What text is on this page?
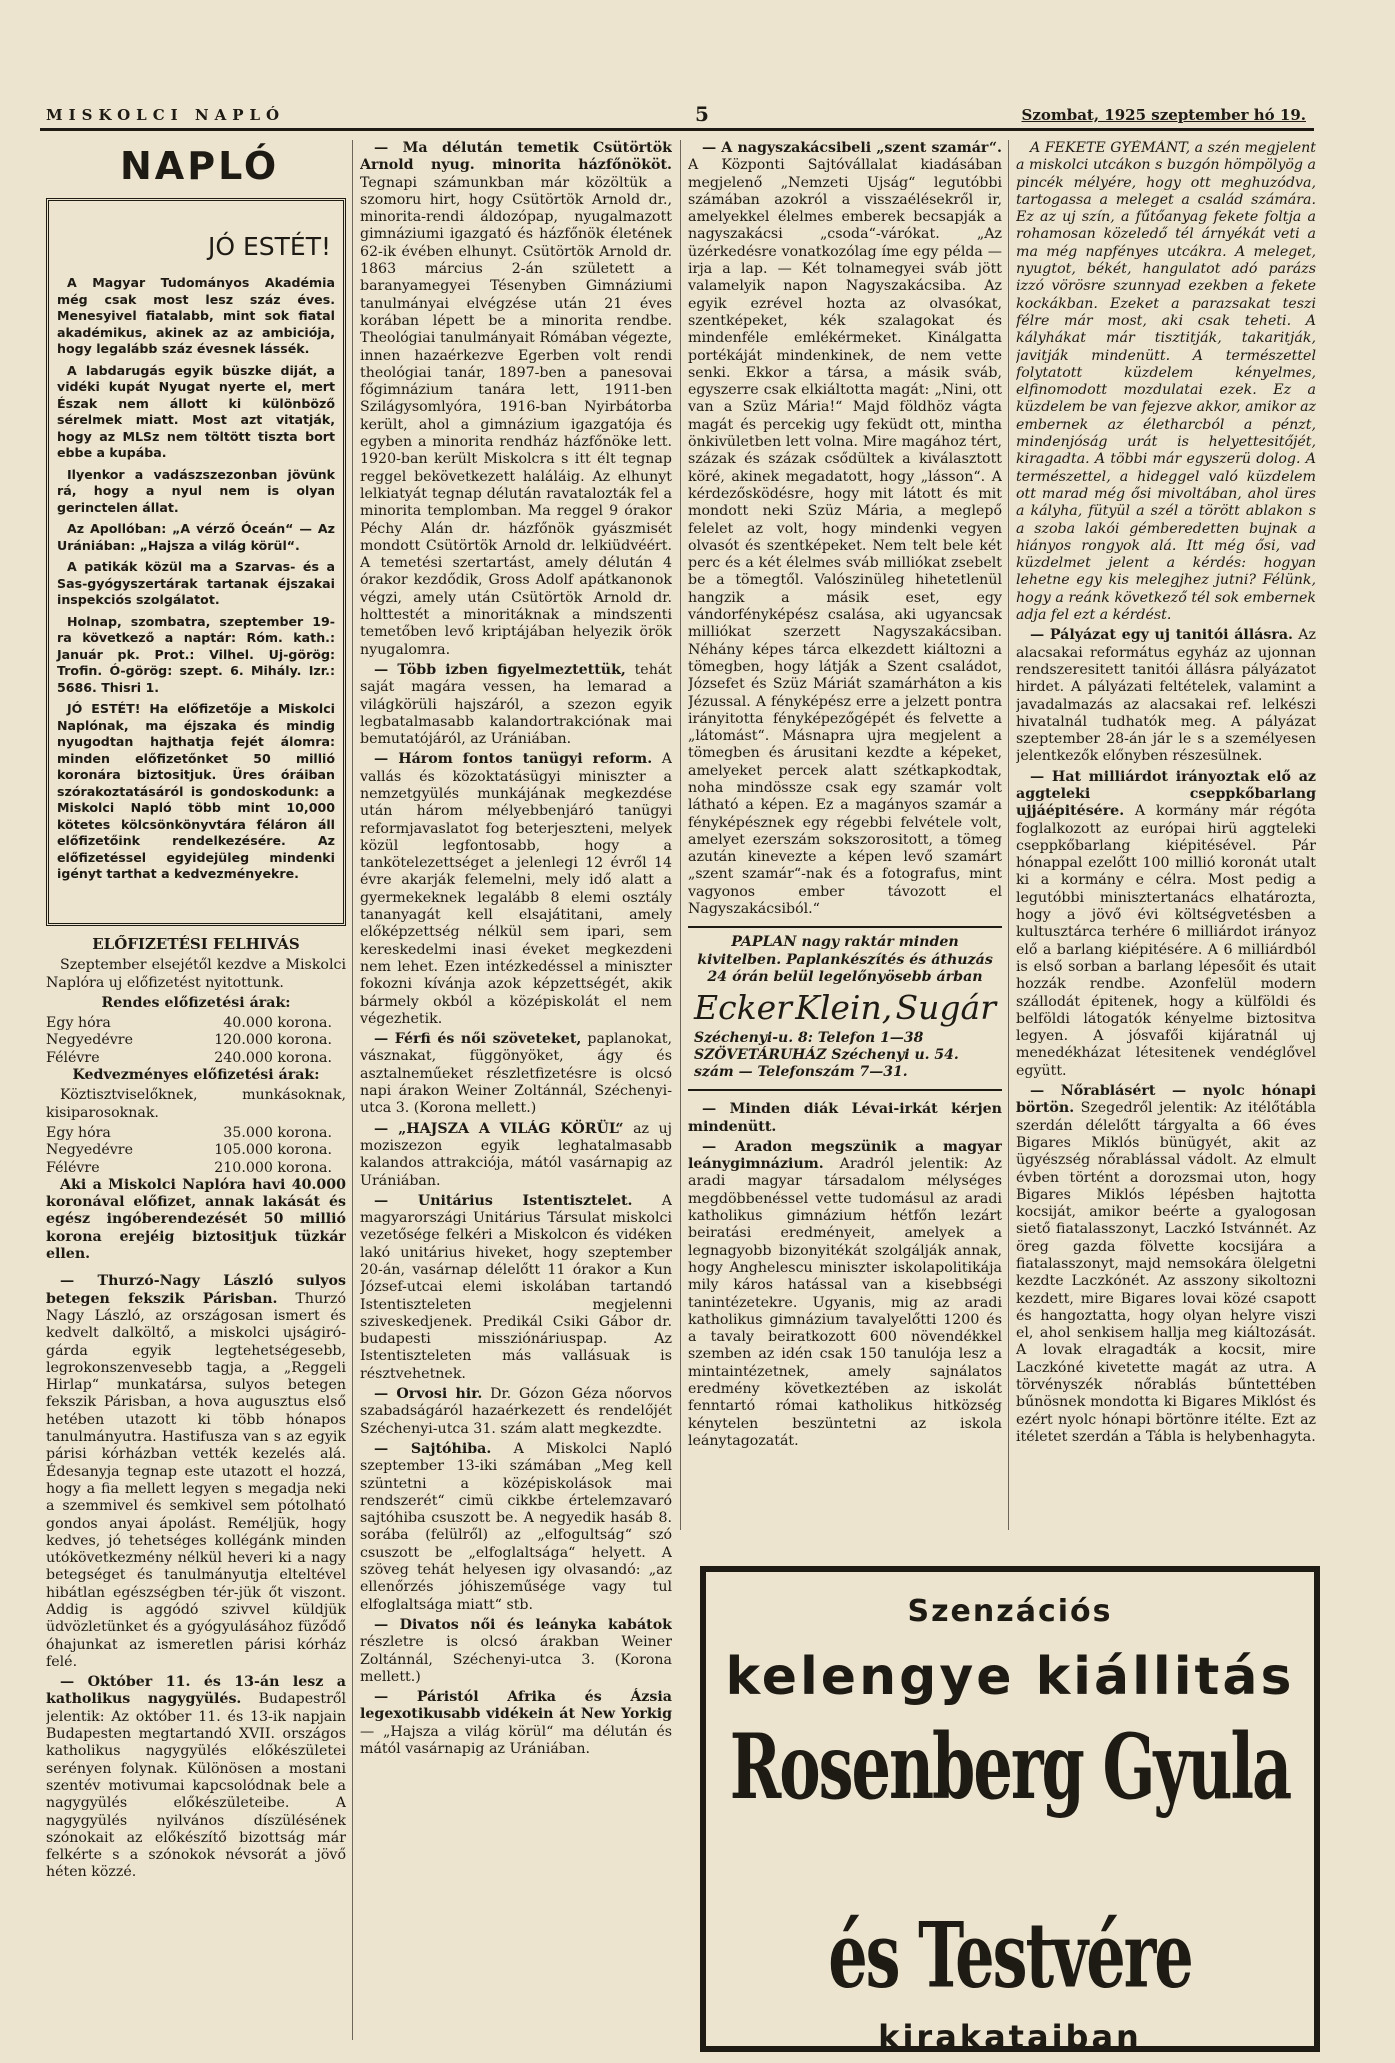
MISKOLCI NAPLÓ	5	Szombat, 1925 szeptember hó 19.
NAPLÓ

JÓ ESTÉT!

A Magyar Tudományos Akadémia még csak most lesz száz éves. Menesyivel fiatalabb, mint sok fiatal akadémikus, akinek az az ambiciója, hogy legalább száz évesnek lássék.

A labdarugás egyik büszke diját, a vidéki kupát Nyugat nyerte el, mert Észak nem állott ki különböző sérelmek miatt. Most azt vitatják, hogy az MLSz nem töltött tiszta bort ebbe a kupába.

Ilyenkor a vadászszezonban jövünk rá, hogy a nyul nem is olyan gerinctelen állat.

Az Apollóban: „A vérző Óceán“ — Az Urániában: „Hajsza a világ körül“.

A patikák közül ma a Szarvas- és a Sas-gyógyszertárak tartanak éjszakai inspekciós szolgálatot.

Holnap, szombatra, szeptember 19-ra következő a naptár: Róm. kath.: Január pk. Prot.: Vilhel. Uj-görög: Trofin. Ó-görög: szept. 6. Mihály. Izr.: 5686. Thisri 1.

JÓ ESTÉT! Ha előfizetője a Miskolci Naplónak, ma éjszaka és mindig nyugodtan hajthatja fejét álomra: minden előfizetőnket 50 millió koronára biztositjuk. Üres óráiban szórakoztatásáról is gondoskodunk: a Miskolci Napló több mint 10,000 kötetes kölcsönkönyvtára féláron áll előfizetőink rendelkezésére. Az előfizetéssel egyidejüleg mindenki igényt tarthat a kedvezményekre.

ELŐFIZETÉSI FELHIVÁS

Szeptember elsejétől kezdve a Miskolci Naplóra uj előfizetést nyitottunk.

Rendes előfizetési árak:

Egy hóra	40.000 korona.
Negyedévre	120.000 korona.
Félévre	240.000 korona.

Kedvezményes előfizetési árak:

Köztisztviselőknek, munkásoknak, kisiparosoknak.

Egy hóra	35.000 korona.
Negyedévre	105.000 korona.
Félévre	210.000 korona.

Aki a Miskolci Naplóra havi 40.000 koronával előfizet, annak lakását és egész ingóberendezését 50 millió korona erejéig biztositjuk tüzkár ellen.

— Thurzó-Nagy László sulyos betegen fekszik Párisban. Thurzó Nagy László, az országosan ismert és kedvelt dalköltő, a miskolci ujságiró-gárda egyik legtehetségesebb, legrokonszenvesebb tagja, a „Reggeli Hirlap“ munkatársa, sulyos betegen fekszik Párisban, a hova augusztus első hetében utazott ki több hónapos tanulmányutra. Hastifusza van s az egyik párisi kórházban vették kezelés alá. Édesanyja tegnap este utazott el hozzá, hogy a fia mellett legyen s megadja neki a szemmivel és semkivel sem pótolható gondos anyai ápolást. Reméljük, hogy kedves, jó tehetséges kollégánk minden utókövetkezmény nélkül heveri ki a nagy betegséget és tanulmányutja elteltével hibátlan egészségben tér-jük őt viszont. Addig is aggódó szivvel küldjük üdvözletünket és a gyógyulásához füződő óhajunkat az ismeretlen párisi kórház felé.

— Október 11. és 13-án lesz a katholikus nagygyülés. Budapestről jelentik: Az október 11. és 13-ik napjain Budapesten megtartandó XVII. országos katholikus nagygyülés előkészületei serényen folynak. Különösen a mostani szentév motivumai kapcsolódnak bele a nagygyülés előkészületeibe. A nagygyülés nyilvános díszülésének szónokait az előkészítő bizottság már felkérte s a szónokok névsorát a jövő héten közzé.

— Ma délután temetik Csütörtök Arnold nyug. minorita házfőnököt. Tegnapi számunkban már közöltük a szomoru hirt, hogy Csütörtök Arnold dr., minorita-rendi áldozópap, nyugalmazott gimnáziumi igazgató és házfőnök életének 62-ik évében elhunyt. Csütörtök Arnold dr. 1863 március 2-án született a baranyamegyei Tésenyben Gimnáziumi tanulmányai elvégzése után 21 éves korában lépett be a minorita rendbe. Theológiai tanulmányait Rómában végezte, innen hazaérkezve Egerben volt rendi theológiai tanár, 1897-ben a panesovai főgimnázium tanára lett, 1911-ben Szilágysomlyóra, 1916-ban Nyirbátorba került, ahol a gimnázium igazgatója és egyben a minorita rendház házfőnöke lett. 1920-ban került Miskolcra s itt élt tegnap reggel bekövetkezett haláláig. Az elhunyt lelkiatyát tegnap délután ravatalozták fel a minorita templomban. Ma reggel 9 órakor Péchy Alán dr. házfőnök gyászmisét mondott Csütörtök Arnold dr. lelkiüdvéért. A temetési szertartást, amely délután 4 órakor kezdődik, Gross Adolf apátkanonok végzi, amely után Csütörtök Arnold dr. holttestét a minoritáknak a mindszenti temetőben levő kriptájában helyezik örök nyugalomra.

— Több izben figyelmeztettük, tehát saját magára vessen, ha lemarad a világkörüli hajszáról, a szezon egyik legbatalmasabb kalandortrakciónak mai bemutatójáról, az Urániában.

— Három fontos tanügyi reform. A vallás és közoktatásügyi miniszter a nemzetgyülés munkájának megkezdése után három mélyebbenjáró tanügyi reformjavaslatot fog beterjeszteni, melyek közül legfontosabb, hogy a tankötelezettséget a jelenlegi 12 évről 14 évre akarják felemelni, mely idő alatt a gyermekeknek legalább 8 elemi osztály tananyagát kell elsajátitani, amely előképzettség nélkül sem ipari, sem kereskedelmi inasi éveket megkezdeni nem lehet. Ezen intézkedéssel a miniszter fokozni kívánja azok képzettségét, akik bármely okból a középiskolát el nem végezhetik.

— Férfi és női szöveteket, paplanokat, vásznakat, függönyöket, ágy és asztalneműeket részletfizetésre is olcsó napi árakon Weiner Zoltánnál, Széchenyi-utca 3. (Korona mellett.)

— „HAJSZA A VILÁG KÖRÜL“ az uj moziszezon egyik leghatalmasabb kalandos attrakciója, mától vasárnapig az Urániában.

— Unitárius Istentisztelet. A magyarországi Unitárius Társulat miskolci vezetősége felkéri a Miskolcon és vidéken lakó unitárius hiveket, hogy szeptember 20-án, vasárnap délelőtt 11 órakor a Kun József-utcai elemi iskolában tartandó Istentiszteleten megjelenni sziveskedjenek. Predikál Csiki Gábor dr. budapesti missziónáriuspap. Az Istentiszteleten más vallásuak is résztvehetnek.

— Orvosi hir. Dr. Gózon Géza nőorvos szabadságáról hazaérkezett és rendelőjét Széchenyi-utca 31. szám alatt megkezdte.

— Sajtóhiba. A Miskolci Napló szeptember 13-iki számában „Meg kell szüntetni a középiskolások mai rendszerét“ cimü cikkbe értelemzavaró sajtóhiba csuszott be. A negyedik hasáb 8. sorába (felülről) az „elfogultság“ szó csuszott be „elfoglaltsága“ helyett. A szöveg tehát helyesen igy olvasandó: „az ellenőrzés jóhiszeműsége vagy tul elfoglaltsága miatt“ stb.

— Divatos női és leányka kabátok részletre is olcsó árakban Weiner Zoltánnál, Széchenyi-utca 3. (Korona mellett.)

— Páristól Afrika és Ázsia legexotikusabb vidékein át New Yorkig — „Hajsza a világ körül“ ma délután és mától vasárnapig az Urániában.

— A nagyszakácsibeli „szent szamár“. A Központi Sajtóvállalat kiadásában megjelenő „Nemzeti Ujság“ legutóbbi számában azokról a visszaélésekről ir, amelyekkel élelmes emberek becsapják a nagyszakácsi „csoda“-várókat. „Az üzérkedésre vonatkozólag íme egy példa — irja a lap. — Két tolnamegyei sváb jött valamelyik napon Nagyszakácsiba. Az egyik ezrével hozta az olvasókat, szentképeket, kék szalagokat és mindenféle emlékérmeket. Kinálgatta portékáját mindenkinek, de nem vette senki. Ekkor a társa, a másik sváb, egyszerre csak elkiáltotta magát: „Nini, ott van a Szüz Mária!“ Majd földhöz vágta magát és percekig ugy feküdt ott, mintha önkivületben lett volna. Mire magához tért, százak és százak csődültek a kiválasztott köré, akinek megadatott, hogy „lásson“. A kérdezősködésre, hogy mit látott és mit mondott neki Szüz Mária, a meglepő felelet az volt, hogy mindenki vegyen olvasót és szentképeket. Nem telt bele két perc és a két élelmes sváb milliókat zsebelt be a tömegtől. Valószinüleg hihetetlenül hangzik a másik eset, egy vándorfényképész csalása, aki ugyancsak milliókat szerzett Nagyszakácsiban. Néhány képes tárca elkezdett kiáltozni a tömegben, hogy látják a Szent családot, Józsefet és Szüz Máriát szamárháton a kis Jézussal. A fényképész erre a jelzett pontra irányitotta fényképezőgépét és felvette a „látomást“. Másnapra ujra megjelent a tömegben és árusitani kezdte a képeket, amelyeket percek alatt szétkapkodtak, noha mindössze csak egy szamár volt látható a képen. Ez a magányos szamár a fényképésznek egy régebbi felvétele volt, amelyet ezerszám sokszorositott, a tömeg azután kinevezte a képen levő szamárt „szent szamár“-nak és a fotografus, mint vagyonos ember távozott el Nagyszakácsiból.“

PAPLAN nagy raktár minden kivitelben. Paplankészítés és áthuzás 24 órán belül legelőnyösebb árban
Ecker Klein, Sugár
Széchenyi-u. 8: Telefon 1—38
SZÖVETÁRUHÁZ Széchenyi u. 54. szám — Telefonszám 7—31.

— Minden diák Lévai-irkát kérjen mindenütt.

— Aradon megszünik a magyar leánygimnázium. Aradról jelentik: Az aradi magyar társadalom mélységes megdöbbenéssel vette tudomásul az aradi katholikus gimnázium hétfőn lezárt beiratási eredményeit, amelyek a legnagyobb bizonyitékát szolgálják annak, hogy Anghelescu miniszter iskolapolitikája mily káros hatással van a kisebbségi tanintézetekre. Ugyanis, mig az aradi katholikus gimnázium tavalyelőtti 1200 és a tavaly beiratkozott 600 növendékkel szemben az idén csak 150 tanulója lesz a mintaintézetnek, amely sajnálatos eredmény következtében az iskolát fenntartó római katholikus hitközség kénytelen beszüntetni az iskola leánytagozatát.

A FEKETE GYÉMÁNT, a szén megjelent a miskolci utcákon s buzgón hömpölyög a pincék mélyére, hogy ott meghuzódva, tartogassa a meleget a család számára. Ez az uj szín, a fűtőanyag fekete foltja a rohamosan közeledő tél árnyékát veti a ma még napfényes utcákra. A meleget, nyugtot, békét, hangulatot adó parázs izzó vörösre szunnyad ezekben a fekete kockákban. Ezeket a parazsakat teszi félre már most, aki csak teheti. A kályhákat már tisztitják, takaritják, javitják mindenütt. A természettel folytatott küzdelem kényelmes, elfinomodott mozdulatai ezek. Ez a küzdelem be van fejezve akkor, amikor az embernek az életharcból a pénzt, mindenjóság urát is helyettesitőjét, kiragadta. A többi már egyszerü dolog. A természettel, a hideggel való küzdelem ott marad még ősi mivoltában, ahol üres a kályha, fütyül a szél a törött ablakon s a szoba lakói gémberedetten bujnak a hiányos rongyok alá. Itt még ősi, vad küzdelmet jelent a kérdés: hogyan lehetne egy kis melegjhez jutni? Félünk, hogy a reánk következő tél sok embernek adja fel ezt a kérdést.

— Pályázat egy uj tanitói állásra. Az alacsakai református egyház az ujonnan rendszeresitett tanitói állásra pályázatot hirdet. A pályázati feltételek, valamint a javadalmazás az alacsakai ref. lelkészi hivatalnál tudhatók meg. A pályázat szeptember 28-án jár le s a személyesen jelentkezők előnyben részesülnek.

— Hat milliárdot irányoztak elő az aggteleki cseppkőbarlang ujjáépitésére. A kormány már régóta foglalkozott az európai hirü aggteleki cseppkőbarlang kiépitésével. Pár hónappal ezelőtt 100 millió koronát utalt ki a kormány e célra. Most pedig a legutóbbi minisztertanács elhatározta, hogy a jövő évi költségvetésben a kultusztárca terhére 6 milliárdot irányoz elő a barlang kiépitésére. A 6 milliárdból is első sorban a barlang lépesőit és utait hozzák rendbe. Azonfelül modern szállodát épitenek, hogy a külföldi és belföldi látogatók kényelme biztositva legyen. A jósvafői kijáratnál uj menedékházat létesitenek vendéglővel együtt.

— Nőrablásért — nyolc hónapi börtön. Szegedről jelentik: Az itélőtábla szerdán délelőtt tárgyalta a 66 éves Bigares Miklós bünügyét, akit az ügyészség nőrablással vádolt. Az elmult évben történt a dorozsmai uton, hogy Bigares Miklós lépésben hajtotta kocsiját, amikor beérte a gyalogosan siető fiatalasszonyt, Laczkó Istvánnét. Az öreg gazda fölvette kocsijára a fiatalasszonyt, majd nemsokára ölelgetni kezdte Laczkónét. Az asszony sikoltozni kezdett, mire Bigares lovai közé csapott és hangoztatta, hogy olyan helyre viszi el, ahol senkisem hallja meg kiáltozását. A lovak elragadták a kocsit, mire Laczkóné kivetette magát az utra. A törvényszék nőrablás bűntettében bűnösnek mondotta ki Bigares Miklóst és ezért nyolc hónapi börtönre itélte. Ezt az itéletet szerdán a Tábla is helybenhagyta.

Szenzációs
kelengye kiállitás
Rosenberg Gyula és Testvére
kirakataiban
